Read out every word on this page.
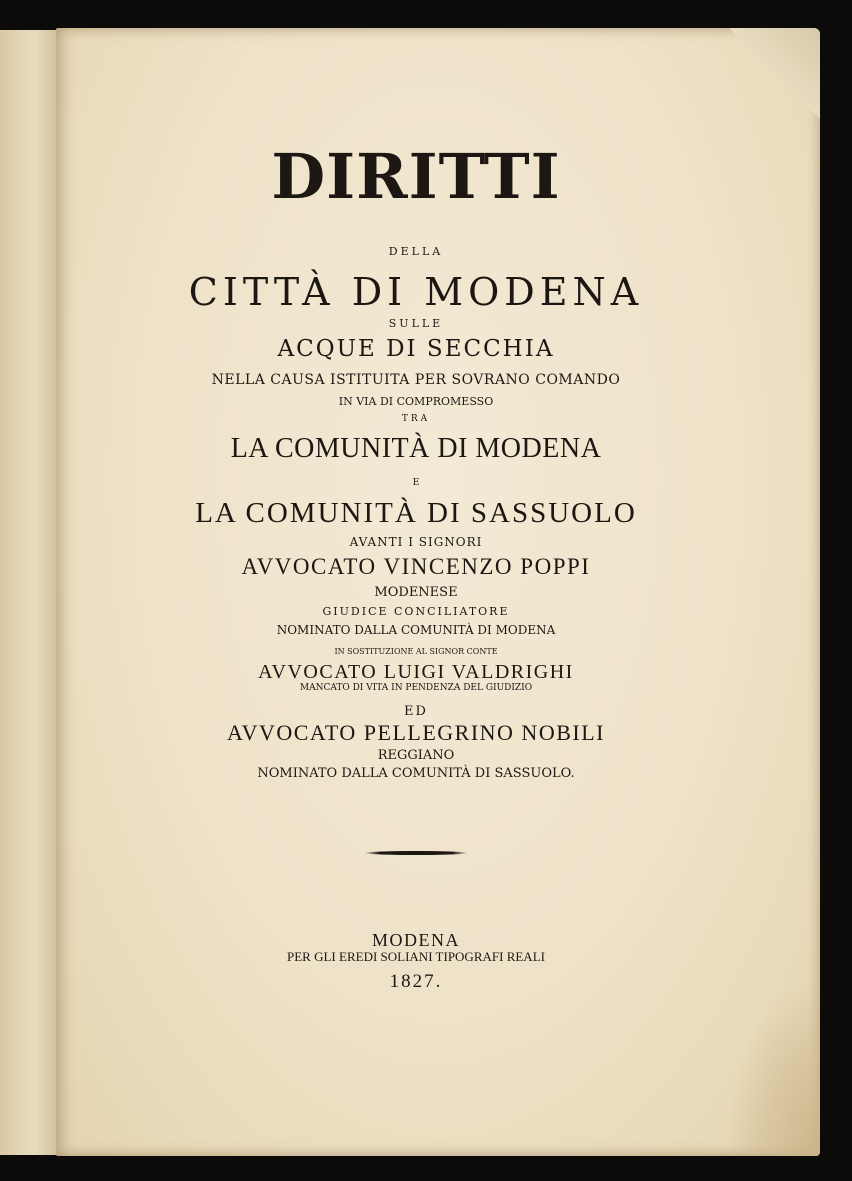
DIRITTI
DELLA
CITTÀ DI MODENA
SULLE
ACQUE DI SECCHIA
NELLA CAUSA ISTITUITA PER SOVRANO COMANDO
IN VIA DI COMPROMESSO
TRA
LA COMUNITÀ DI MODENA
E
LA COMUNITÀ DI SASSUOLO
AVANTI I SIGNORI
AVVOCATO VINCENZO POPPI
MODENESE
GIUDICE CONCILIATORE
NOMINATO DALLA COMUNITÀ DI MODENA
IN SOSTITUZIONE AL SIGNOR CONTE
AVVOCATO LUIGI VALDRIGHI
MANCATO DI VITA IN PENDENZA DEL GIUDIZIO
ED
AVVOCATO PELLEGRINO NOBILI
REGGIANO
NOMINATO DALLA COMUNITÀ DI SASSUOLO.
MODENA
PER GLI EREDI SOLIANI TIPOGRAFI REALI
1827.
